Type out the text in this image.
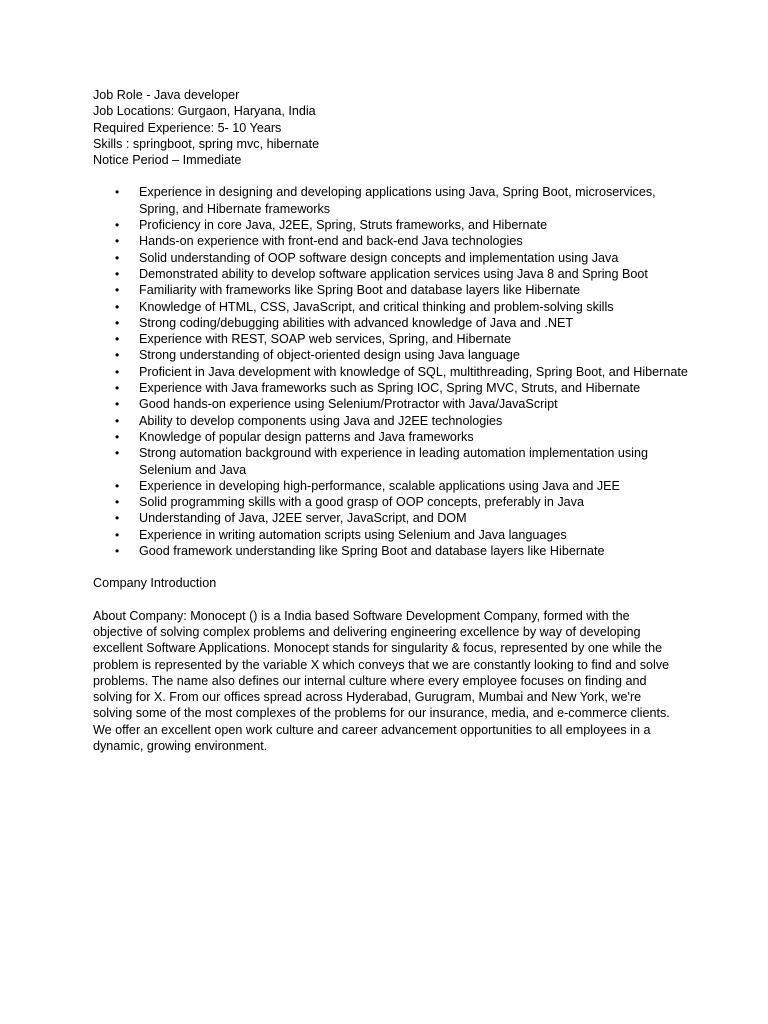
Job Role - Java developer

Job Locations: Gurgaon, Haryana, India

Required Experience: 5- 10 Years

Skills : springboot, spring mvc, hibernate

Notice Period – Immediate

• Experience in designing and developing applications using Java, Spring Boot, microservices, Spring, and Hibernate frameworks
• Proficiency in core Java, J2EE, Spring, Struts frameworks, and Hibernate
• Hands-on experience with front-end and back-end Java technologies
• Solid understanding of OOP software design concepts and implementation using Java
• Demonstrated ability to develop software application services using Java 8 and Spring Boot
• Familiarity with frameworks like Spring Boot and database layers like Hibernate
• Knowledge of HTML, CSS, JavaScript, and critical thinking and problem-solving skills
• Strong coding/debugging abilities with advanced knowledge of Java and .NET
• Experience with REST, SOAP web services, Spring, and Hibernate
• Strong understanding of object-oriented design using Java language
• Proficient in Java development with knowledge of SQL, multithreading, Spring Boot, and Hibernate
• Experience with Java frameworks such as Spring IOC, Spring MVC, Struts, and Hibernate
• Good hands-on experience using Selenium/Protractor with Java/JavaScript
• Ability to develop components using Java and J2EE technologies
• Knowledge of popular design patterns and Java frameworks
• Strong automation background with experience in leading automation implementation using Selenium and Java
• Experience in developing high-performance, scalable applications using Java and JEE
• Solid programming skills with a good grasp of OOP concepts, preferably in Java
• Understanding of Java, J2EE server, JavaScript, and DOM
• Experience in writing automation scripts using Selenium and Java languages
• Good framework understanding like Spring Boot and database layers like Hibernate

Company Introduction

About Company: Monocept () is a India based Software Development Company, formed with the objective of solving complex problems and delivering engineering excellence by way of developing excellent Software Applications. Monocept stands for singularity & focus, represented by one while the problem is represented by the variable X which conveys that we are constantly looking to find and solve problems. The name also defines our internal culture where every employee focuses on finding and solving for X. From our offices spread across Hyderabad, Gurugram, Mumbai and New York, we're solving some of the most complexes of the problems for our insurance, media, and e-commerce clients. We offer an excellent open work culture and career advancement opportunities to all employees in a dynamic, growing environment.
